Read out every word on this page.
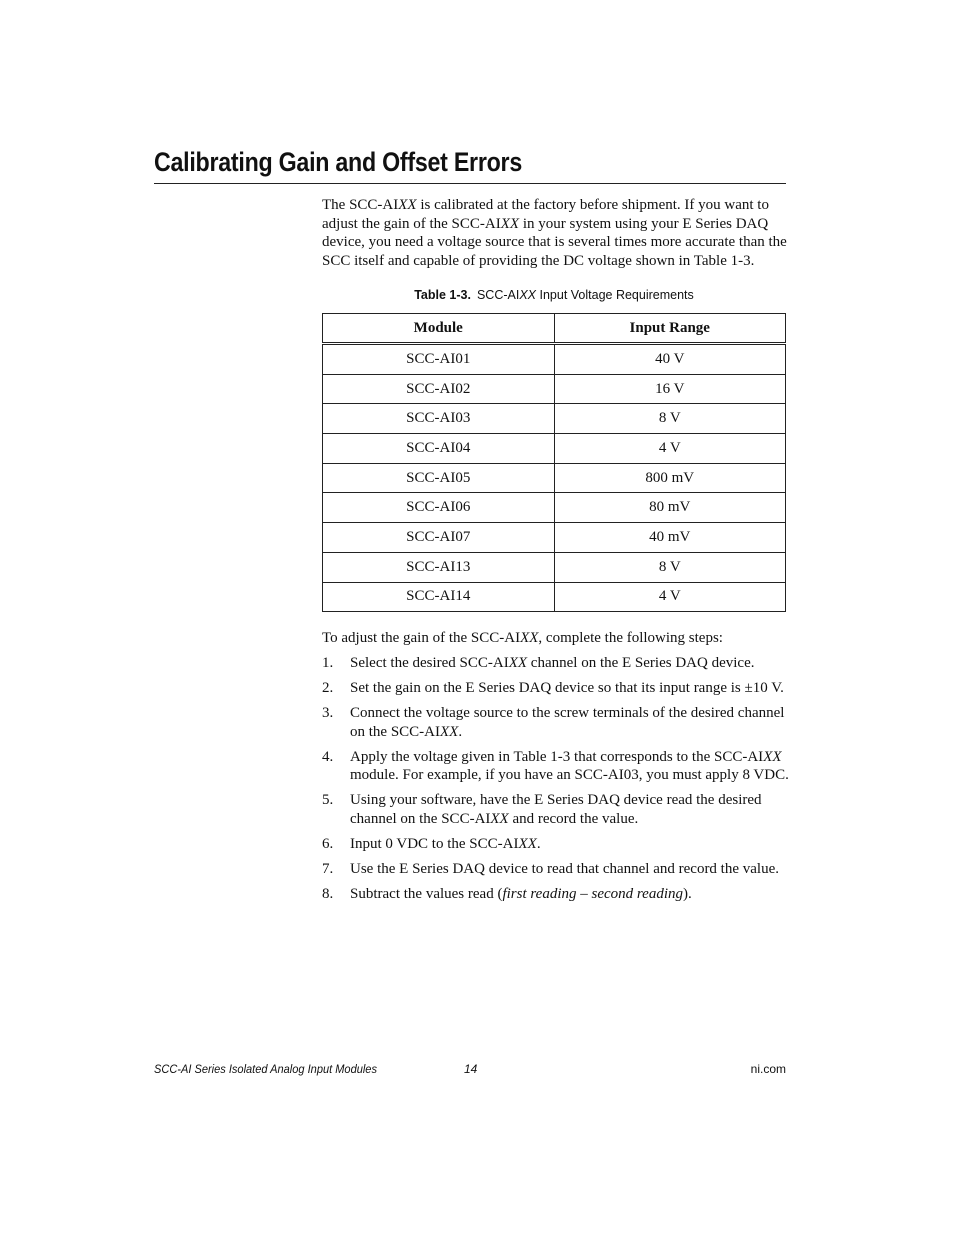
Calibrating Gain and Offset Errors

The SCC-AIXX is calibrated at the factory before shipment. If you want to adjust the gain of the SCC-AIXX in your system using your E Series DAQ device, you need a voltage source that is several times more accurate than the SCC itself and capable of providing the DC voltage shown in Table 1-3.

Table 1-3. SCC-AIXX Input Voltage Requirements
Module	Input Range
SCC-AI01	40 V
SCC-AI02	16 V
SCC-AI03	8 V
SCC-AI04	4 V
SCC-AI05	800 mV
SCC-AI06	80 mV
SCC-AI07	40 mV
SCC-AI13	8 V
SCC-AI14	4 V

To adjust the gain of the SCC-AIXX, complete the following steps:

1. Select the desired SCC-AIXX channel on the E Series DAQ device.
2. Set the gain on the E Series DAQ device so that its input range is ±10 V.
3. Connect the voltage source to the screw terminals of the desired channel on the SCC-AIXX.
4. Apply the voltage given in Table 1-3 that corresponds to the SCC-AIXX module. For example, if you have an SCC-AI03, you must apply 8 VDC.
5. Using your software, have the E Series DAQ device read the desired channel on the SCC-AIXX and record the value.
6. Input 0 VDC to the SCC-AIXX.
7. Use the E Series DAQ device to read that channel and record the value.
8. Subtract the values read (first reading – second reading).
SCC-AI Series Isolated Analog Input Modules	14	ni.com
